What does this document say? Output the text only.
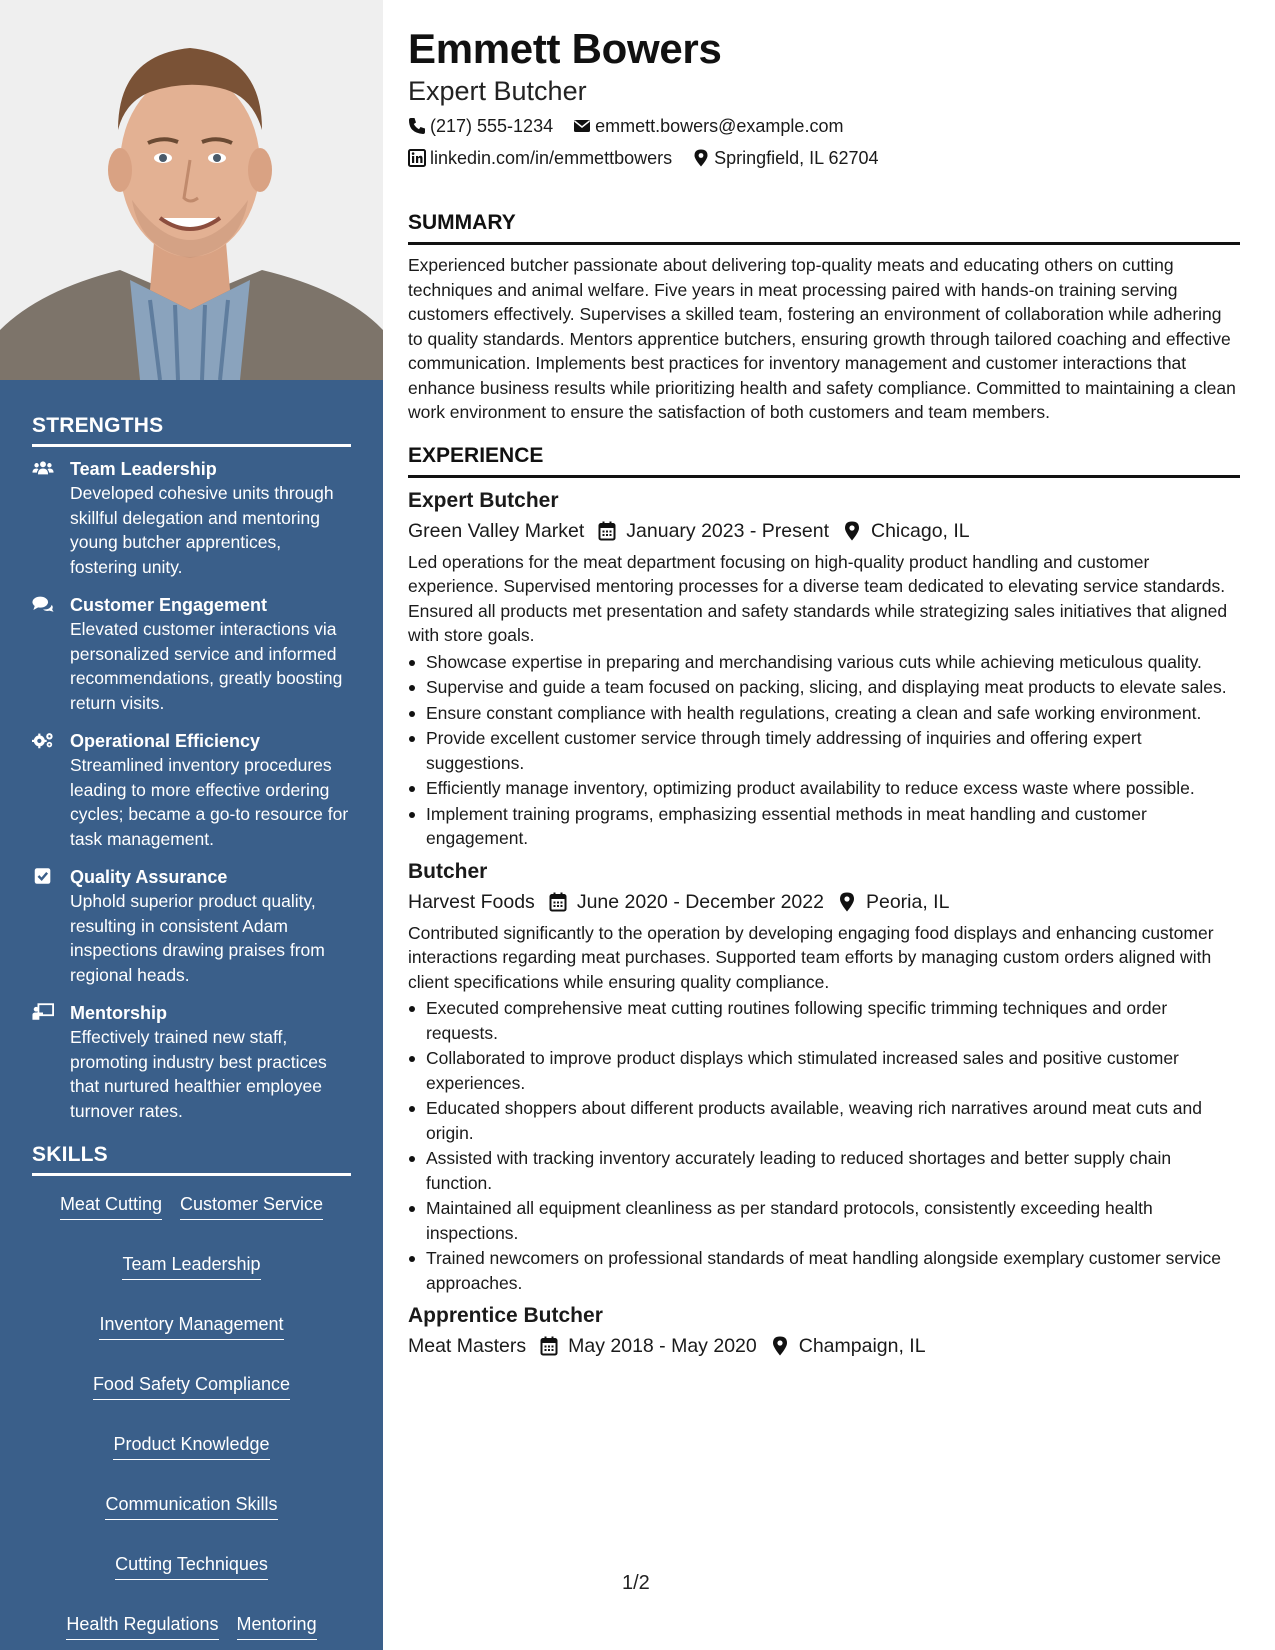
STRENGTHS
Team Leadership
Developed cohesive units through skillful delegation and mentoring young butcher apprentices, fostering unity.
Customer Engagement
Elevated customer interactions via personalized service and informed recommendations, greatly boosting return visits.
Operational Efficiency
Streamlined inventory procedures leading to more effective ordering cycles; became a go-to resource for task management.
Quality Assurance
Uphold superior product quality, resulting in consistent Adam inspections drawing praises from regional heads.
Mentorship
Effectively trained new staff, promoting industry best practices that nurtured healthier employee turnover rates.
SKILLS
Meat Cutting Customer Service
Team Leadership
Inventory Management
Food Safety Compliance
Product Knowledge
Communication Skills
Cutting Techniques
Health Regulations Mentoring
Emmett Bowers
Expert Butcher
(217) 555-1234 emmett.bowers@example.com
linkedin.com/in/emmettbowers Springfield, IL 62704
SUMMARY
Experienced butcher passionate about delivering top-quality meats and educating others on cutting techniques and animal welfare. Five years in meat processing paired with hands-on training serving customers effectively. Supervises a skilled team, fostering an environment of collaboration while adhering to quality standards. Mentors apprentice butchers, ensuring growth through tailored coaching and effective communication. Implements best practices for inventory management and customer interactions that enhance business results while prioritizing health and safety compliance. Committed to maintaining a clean work environment to ensure the satisfaction of both customers and team members.
EXPERIENCE
Expert Butcher
Green Valley Market January 2023 - Present Chicago, IL
Led operations for the meat department focusing on high-quality product handling and customer experience. Supervised mentoring processes for a diverse team dedicated to elevating service standards. Ensured all products met presentation and safety standards while strategizing sales initiatives that aligned with store goals.
Showcase expertise in preparing and merchandising various cuts while achieving meticulous quality.
Supervise and guide a team focused on packing, slicing, and displaying meat products to elevate sales.
Ensure constant compliance with health regulations, creating a clean and safe working environment.
Provide excellent customer service through timely addressing of inquiries and offering expert suggestions.
Efficiently manage inventory, optimizing product availability to reduce excess waste where possible.
Implement training programs, emphasizing essential methods in meat handling and customer engagement.
Butcher
Harvest Foods June 2020 - December 2022 Peoria, IL
Contributed significantly to the operation by developing engaging food displays and enhancing customer interactions regarding meat purchases. Supported team efforts by managing custom orders aligned with client specifications while ensuring quality compliance.
Executed comprehensive meat cutting routines following specific trimming techniques and order requests.
Collaborated to improve product displays which stimulated increased sales and positive customer experiences.
Educated shoppers about different products available, weaving rich narratives around meat cuts and origin.
Assisted with tracking inventory accurately leading to reduced shortages and better supply chain function.
Maintained all equipment cleanliness as per standard protocols, consistently exceeding health inspections.
Trained newcomers on professional standards of meat handling alongside exemplary customer service approaches.
Apprentice Butcher
Meat Masters May 2018 - May 2020 Champaign, IL
1/2
